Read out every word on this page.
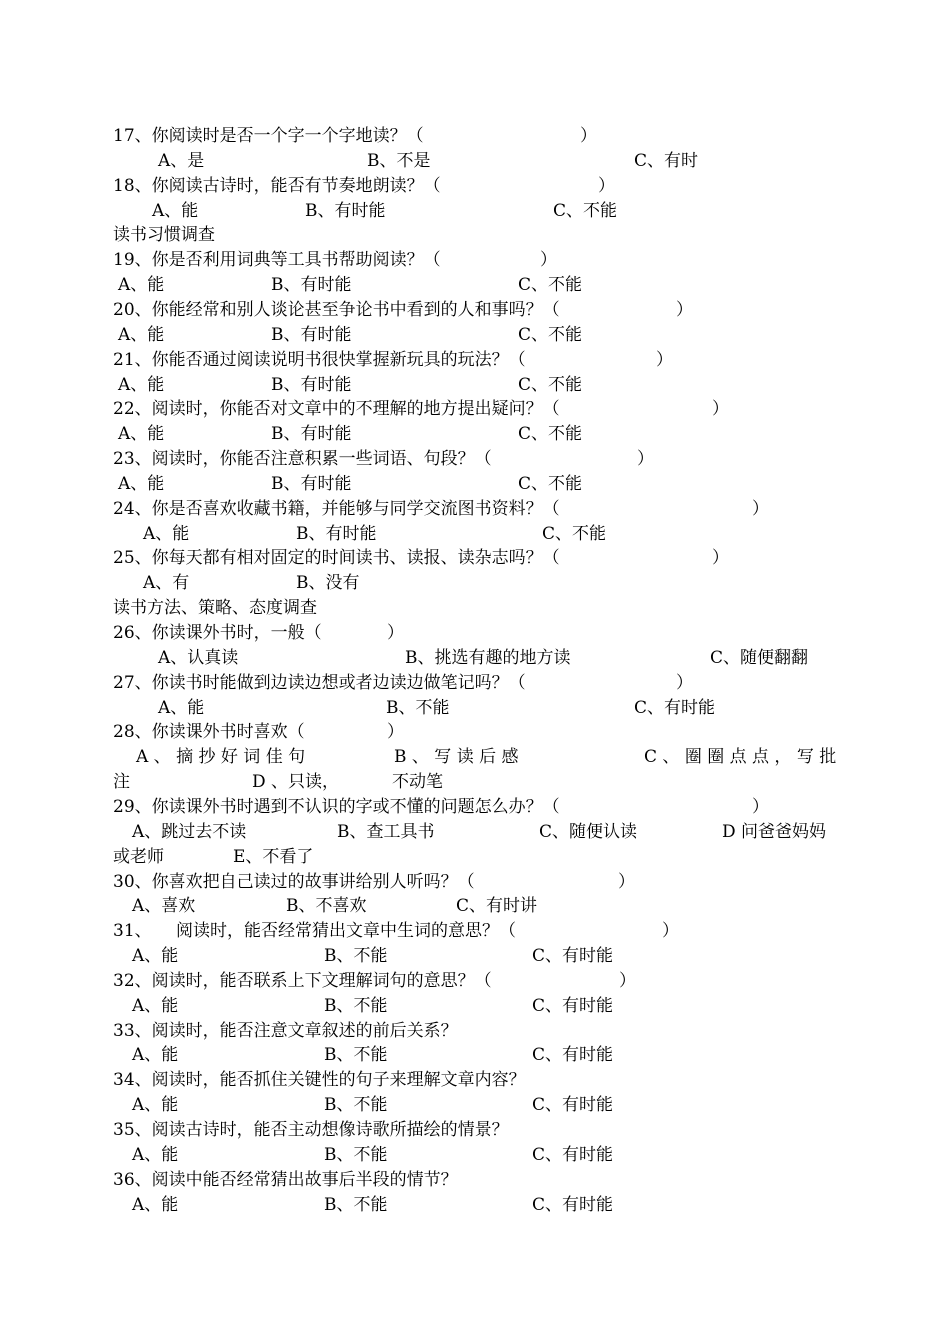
17、你阅读时是否一个字一个字地读？（	）
A、是	B、不是	C、有时
18、你阅读古诗时，能否有节奏地朗读？（	）
A、能	B、有时能	C、不能
读书习惯调查
19、你是否利用词典等工具书帮助阅读？（	）
A、能	B、有时能	C、不能
20、你能经常和别人谈论甚至争论书中看到的人和事吗？（	）
A、能	B、有时能	C、不能
21、你能否通过阅读说明书很快掌握新玩具的玩法？（	）
A、能	B、有时能	C、不能
22、阅读时，你能否对文章中的不理解的地方提出疑问？（	）
A、能	B、有时能	C、不能
23、阅读时，你能否注意积累一些词语、句段？（	）
A、能	B、有时能	C、不能
24、你是否喜欢收藏书籍，并能够与同学交流图书资料？（	）
A、能	B、有时能	C、不能
25、你每天都有相对固定的时间读书、读报、读杂志吗？（	）
A、有	B、没有
读书方法、策略、态度调查
26、你读课外书时，一般（	）
A、认真读	B、挑选有趣的地方读	C、随便翻翻
27、你读书时能做到边读边想或者边读边做笔记吗？（	）
A、能	B、不能	C、有时能
28、你读课外书时喜欢（	）
A 、 摘 抄 好 词 佳 句	B 、 写 读 后 感	C 、 圈 圈 点 点 ， 写 批
注	D 、只读，	不动笔
29、你读课外书时遇到不认识的字或不懂的问题怎么办？（	）
A、跳过去不读	B、查工具书	C、随便认读	D 问爸爸妈妈
或老师	E、不看了
30、你喜欢把自己读过的故事讲给别人听吗？（	）
A、喜欢	B、不喜欢	C、有时讲
31、 阅读时，能否经常猜出文章中生词的意思？（	）
A、能	B、不能	C、有时能
32、阅读时，能否联系上下文理解词句的意思？（	）
A、能	B、不能	C、有时能
33、阅读时，能否注意文章叙述的前后关系？
A、能	B、不能	C、有时能
34、阅读时，能否抓住关键性的句子来理解文章内容？
A、能	B、不能	C、有时能
35、阅读古诗时，能否主动想像诗歌所描绘的情景？
A、能	B、不能	C、有时能
36、阅读中能否经常猜出故事后半段的情节？
A、能	B、不能	C、有时能
